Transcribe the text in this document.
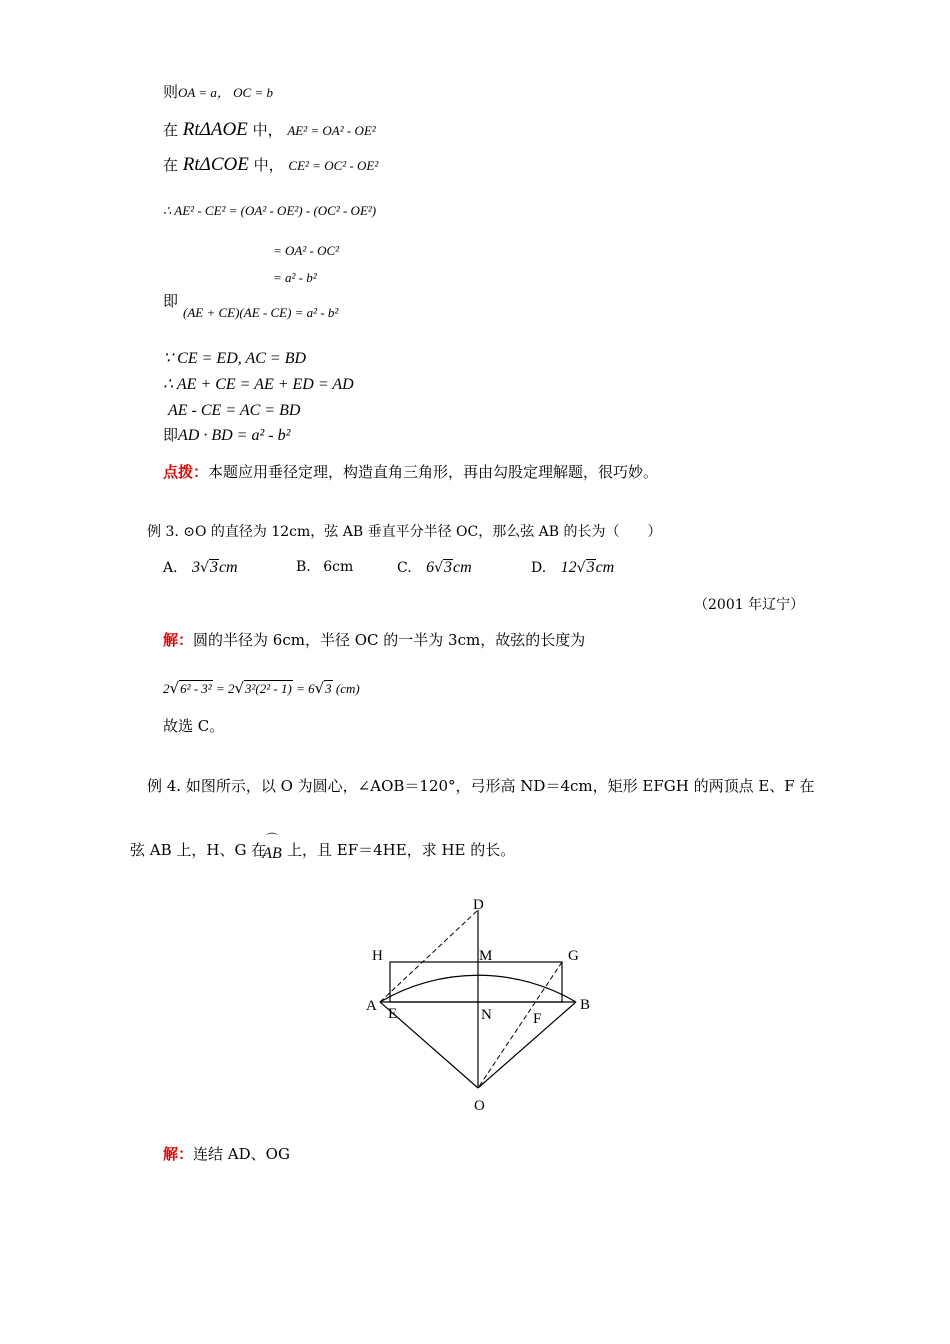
则OA = a， OC = b
在 RtΔAOE 中， AE² = OA² - OE²
在 RtΔCOE 中， CE² = OC² - OE²
∴ AE² - CE² = (OA² - OE²) - (OC² - OE²)
= OA² - OC²
= a² - b²
即
(AE + CE)(AE - CE) = a² - b²
∵ CE = ED, AC = BD
∴ AE + CE = AE + ED = AD
AE - CE = AC = BD
即AD · BD = a² - b²
点拨：本题应用垂径定理，构造直角三角形，再由勾股定理解题，很巧妙。
例 3. ⊙O 的直径为 12cm，弦 AB 垂直平分半径 OC，那么弦 AB 的长为（　　）
A. 3√3cm	B. 6cm	C. 6√3cm	D. 12√3cm
（2001 年辽宁）
解：圆的半径为 6cm，半径 OC 的一半为 3cm，故弦的长度为
2√6² - 3² = 2√3²(2² - 1) = 6√3 (cm)
故选 C。
例 4. 如图所示，以 O 为圆心，∠AOB＝120°，弓形高 ND＝4cm，矩形 EFGH 的两顶点 E、F 在
弦 AB 上，H、G 在
⌒
AB 上，且 EF＝4HE，求 HE 的长。
D
H	M	G
A E	N	F
B
O
解：连结 AD、OG
